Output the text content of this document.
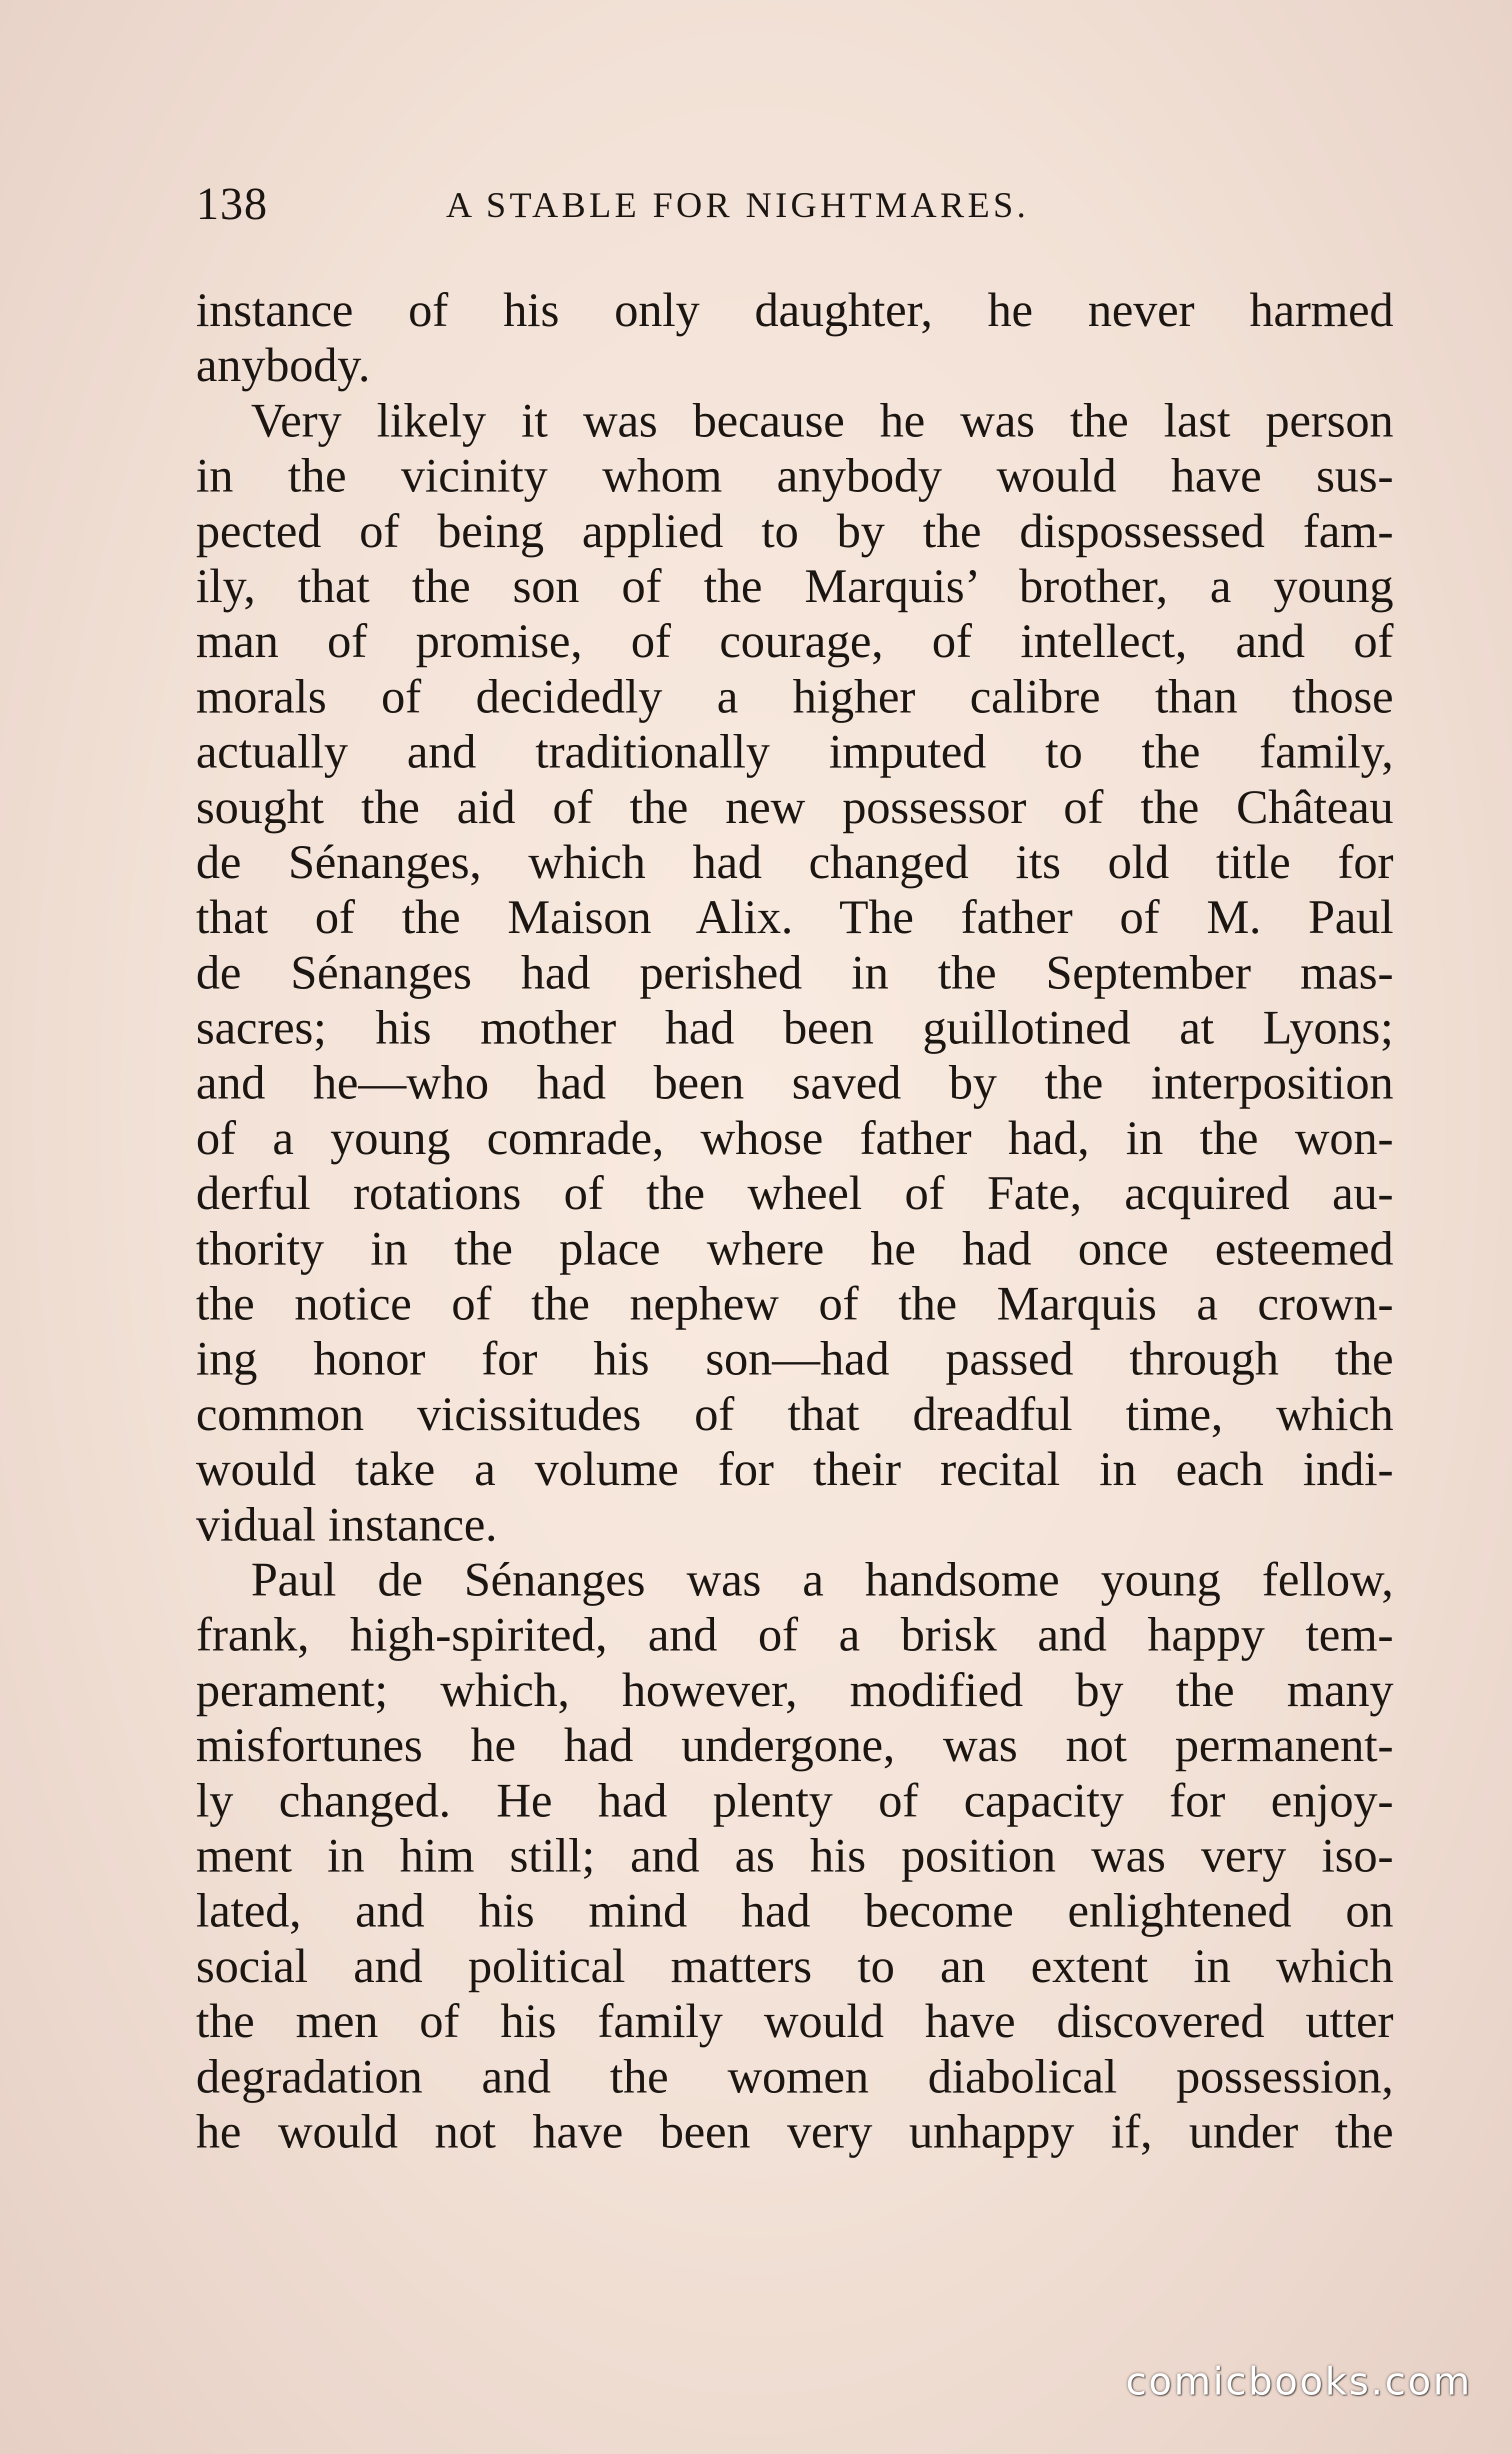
138	A STABLE FOR NIGHTMARES.
instance of his only daughter, he never harmed
anybody.
Very likely it was because he was the last person
in the vicinity whom anybody would have sus-
pected of being applied to by the dispossessed fam-
ily, that the son of the Marquis’ brother, a young
man of promise, of courage, of intellect, and of
morals of decidedly a higher calibre than those
actually and traditionally imputed to the family,
sought the aid of the new possessor of the Château
de Sénanges, which had changed its old title for
that of the Maison Alix. The father of M. Paul
de Sénanges had perished in the September mas-
sacres; his mother had been guillotined at Lyons;
and he—who had been saved by the interposition
of a young comrade, whose father had, in the won-
derful rotations of the wheel of Fate, acquired au-
thority in the place where he had once esteemed
the notice of the nephew of the Marquis a crown-
ing honor for his son—had passed through the
common vicissitudes of that dreadful time, which
would take a volume for their recital in each indi-
vidual instance.
Paul de Sénanges was a handsome young fellow,
frank, high-spirited, and of a brisk and happy tem-
perament; which, however, modified by the many
misfortunes he had undergone, was not permanent-
ly changed. He had plenty of capacity for enjoy-
ment in him still; and as his position was very iso-
lated, and his mind had become enlightened on
social and political matters to an extent in which
the men of his family would have discovered utter
degradation and the women diabolical possession,
he would not have been very unhappy if, under the
comicbooks.com
